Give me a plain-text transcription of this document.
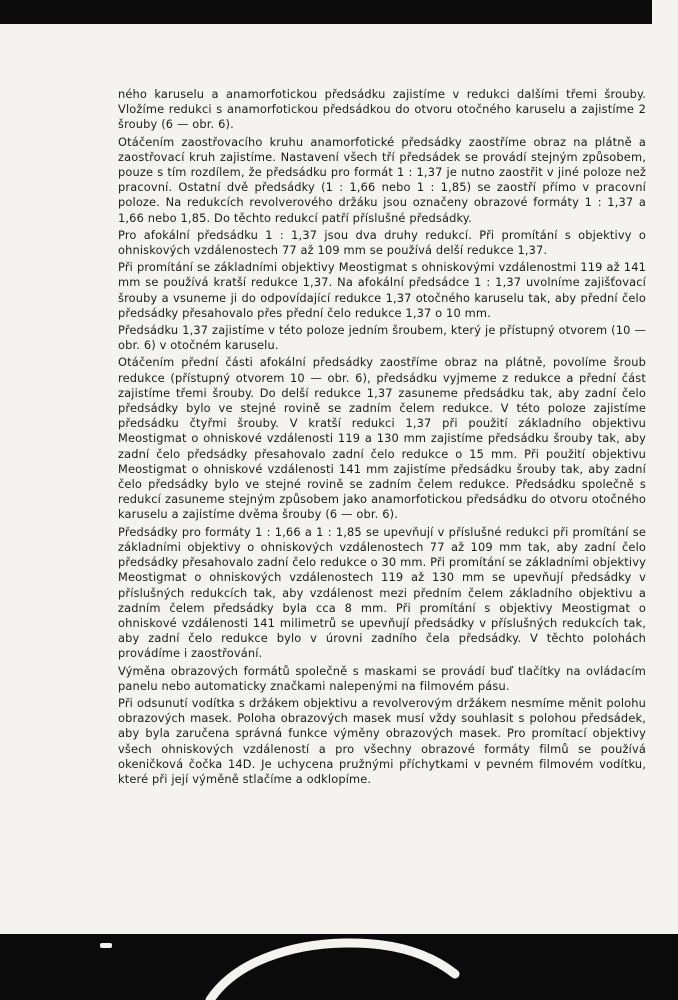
ného karuselu a anamorfotickou předsádku zajistíme v redukci dalšími třemi šrouby. Vložíme redukci s anamorfotickou předsádkou do otvoru otočného karuselu a zajistíme 2 šrouby (6 — obr. 6).

Otáčením zaostřovacího kruhu anamorfotické předsádky zaostříme obraz na plátně a zaostřovací kruh zajistíme. Nastavení všech tří předsádek se provádí stejným způsobem, pouze s tím rozdílem, že předsádku pro formát 1 : 1,37 je nutno zaostřit v jiné poloze než pracovní. Ostatní dvě předsádky (1 : 1,66 nebo 1 : 1,85) se zaostří přímo v pracovní poloze. Na redukcích revolverového držáku jsou označeny obrazové formáty 1 : 1,37 a 1,66 nebo 1,85. Do těchto redukcí patří příslušné předsádky.

Pro afokální předsádku 1 : 1,37 jsou dva druhy redukcí. Při promítání s objektivy o ohniskových vzdálenostech 77 až 109 mm se používá delší redukce 1,37.

Při promítání se základními objektivy Meostigmat s ohniskovými vzdálenostmi 119 až 141 mm se používá kratší redukce 1,37. Na afokální předsádce 1 : 1,37 uvolníme zajišťovací šrouby a vsuneme ji do odpovídající redukce 1,37 otočného karuselu tak, aby přední čelo předsádky přesahovalo přes přední čelo redukce 1,37 o 10 mm.

Předsádku 1,37 zajistíme v této poloze jedním šroubem, který je přístupný otvorem (10 — obr. 6) v otočném karuselu.

Otáčením přední části afokální předsádky zaostříme obraz na plátně, povolíme šroub redukce (přístupný otvorem 10 — obr. 6), předsádku vyjmeme z redukce a přední část zajistíme třemi šrouby. Do delší redukce 1,37 zasuneme předsádku tak, aby zadní čelo předsádky bylo ve stejné rovině se zadním čelem redukce. V této poloze zajistíme předsádku čtyřmi šrouby. V kratší redukci 1,37 při použití základního objektivu Meostigmat o ohniskové vzdálenosti 119 a 130 mm zajistíme předsádku šrouby tak, aby zadní čelo předsádky přesahovalo zadní čelo redukce o 15 mm. Při použití objektivu Meostigmat o ohniskové vzdálenosti 141 mm zajistíme předsádku šrouby tak, aby zadní čelo předsádky bylo ve stejné rovině se zadním čelem redukce. Předsádku společně s redukcí zasuneme stejným způsobem jako anamorfotickou předsádku do otvoru otočného karuselu a zajistíme dvěma šrouby (6 — obr. 6).

Předsádky pro formáty 1 : 1,66 a 1 : 1,85 se upevňují v příslušné redukci při promítání se základními objektivy o ohniskových vzdálenostech 77 až 109 mm tak, aby zadní čelo předsádky přesahovalo zadní čelo redukce o 30 mm. Při promítání se základními objektivy Meostigmat o ohniskových vzdálenostech 119 až 130 mm se upevňují předsádky v příslušných redukcích tak, aby vzdálenost mezi předním čelem základního objektivu a zadním čelem předsádky byla cca 8 mm. Při promítání s objektivy Meostigmat o ohniskové vzdálenosti 141 milimetrů se upevňují předsádky v příslušných redukcích tak, aby zadní čelo redukce bylo v úrovni zadního čela předsádky. V těchto polohách provádíme i zaostřování.

Výměna obrazových formátů společně s maskami se provádí buď tlačítky na ovládacím panelu nebo automaticky značkami nalepenými na filmovém pásu.

Při odsunutí vodítka s držákem objektivu a revolverovým držákem nesmíme měnit polohu obrazových masek. Poloha obrazových masek musí vždy souhlasit s polohou předsádek, aby byla zaručena správná funkce výměny obrazových masek. Pro promítací objektivy všech ohniskových vzdáleností a pro všechny obrazové formáty filmů se používá okeničková čočka 14D. Je uchycena pružnými příchytkami v pevném filmovém vodítku, které při její výměně stlačíme a odklopíme.
